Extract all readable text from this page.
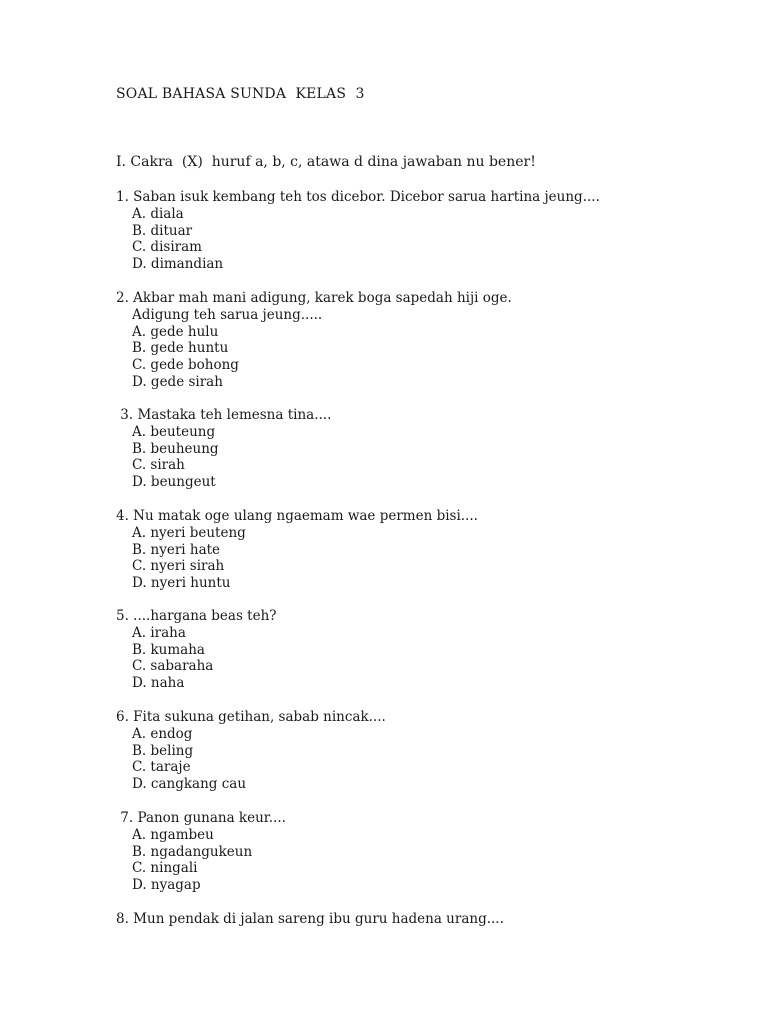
SOAL BAHASA SUNDA  KELAS  3
I. Cakra  (X)  huruf a, b, c, atawa d dina jawaban nu bener!
1. Saban isuk kembang teh tos dicebor. Dicebor sarua hartina jeung....
A. diala
B. dituar
C. disiram
D. dimandian
2. Akbar mah mani adigung, karek boga sapedah hiji oge.
Adigung teh sarua jeung.....
A. gede hulu
B. gede huntu
C. gede bohong
D. gede sirah
3. Mastaka teh lemesna tina....
A. beuteung
B. beuheung
C. sirah
D. beungeut
4. Nu matak oge ulang ngaemam wae permen bisi....
A. nyeri beuteng
B. nyeri hate
C. nyeri sirah
D. nyeri huntu
5. ....hargana beas teh?
A. iraha
B. kumaha
C. sabaraha
D. naha
6. Fita sukuna getihan, sabab nincak....
A. endog
B. beling
C. taraje
D. cangkang cau
7. Panon gunana keur....
A. ngambeu
B. ngadangukeun
C. ningali
D. nyagap
8. Mun pendak di jalan sareng ibu guru hadena urang....
